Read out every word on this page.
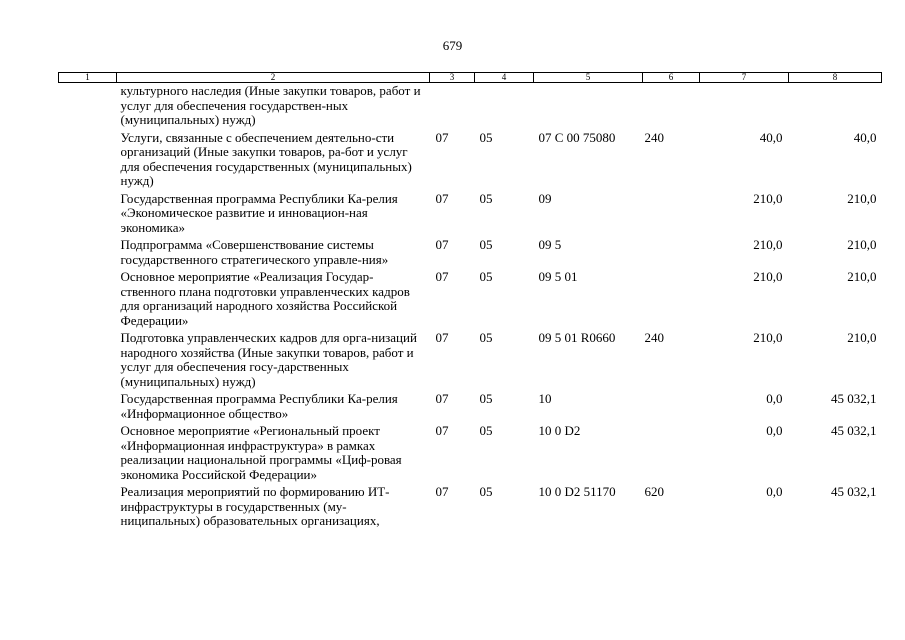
679
1	2	3	4	5	6	7	8
	культурного наследия (Иные закупки товаров, работ и услуг для обеспечения государствен-ных (муниципальных) нужд)						
	Услуги, связанные с обеспечением деятельно-сти организаций (Иные закупки товаров, ра-бот и услуг для обеспечения государственных (муниципальных) нужд)	07	05	07 С 00 75080	240	40,0	40,0
	Государственная программа Республики Ка-релия «Экономическое развитие и инновацион-ная экономика»	07	05	09		210,0	210,0
	Подпрограмма «Совершенствование системы государственного стратегического управле-ния»	07	05	09 5		210,0	210,0
	Основное мероприятие «Реализация Государ-ственного плана подготовки управленческих кадров для организаций народного хозяйства Российской Федерации»	07	05	09 5 01		210,0	210,0
	Подготовка управленческих кадров для орга-низаций народного хозяйства (Иные закупки товаров, работ и услуг для обеспечения госу-дарственных (муниципальных) нужд)	07	05	09 5 01 R0660	240	210,0	210,0
	Государственная программа Республики Ка-релия «Информационное общество»	07	05	10		0,0	45 032,1
	Основное мероприятие «Региональный проект «Информационная инфраструктура» в рамках реализации национальной программы «Циф-ровая экономика Российской Федерации»	07	05	10 0 D2		0,0	45 032,1
	Реализация мероприятий по формированию ИТ-инфраструктуры в государственных (му-ниципальных) образовательных организациях,	07	05	10 0 D2 51170	620	0,0	45 032,1
